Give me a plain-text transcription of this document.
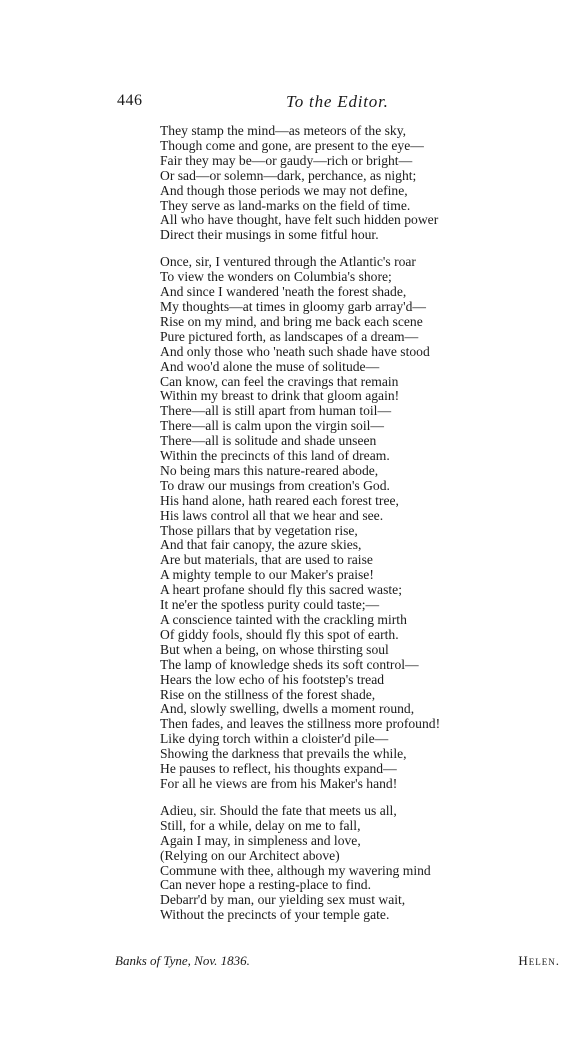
446	To the Editor.
They stamp the mind—as meteors of the sky,
Though come and gone, are present to the eye—
Fair they may be—or gaudy—rich or bright—
Or sad—or solemn—dark, perchance, as night;
And though those periods we may not define,
They serve as land-marks on the field of time.
All who have thought, have felt such hidden power
Direct their musings in some fitful hour.
Once, sir, I ventured through the Atlantic's roar
To view the wonders on Columbia's shore;
And since I wandered 'neath the forest shade,
My thoughts—at times in gloomy garb array'd—
Rise on my mind, and bring me back each scene
Pure pictured forth, as landscapes of a dream—
And only those who 'neath such shade have stood
And woo'd alone the muse of solitude—
Can know, can feel the cravings that remain
Within my breast to drink that gloom again!
There—all is still apart from human toil—
There—all is calm upon the virgin soil—
There—all is solitude and shade unseen
Within the precincts of this land of dream.
No being mars this nature-reared abode,
To draw our musings from creation's God.
His hand alone, hath reared each forest tree,
His laws control all that we hear and see.
Those pillars that by vegetation rise,
And that fair canopy, the azure skies,
Are but materials, that are used to raise
A mighty temple to our Maker's praise!
A heart profane should fly this sacred waste;
It ne'er the spotless purity could taste;—
A conscience tainted with the crackling mirth
Of giddy fools, should fly this spot of earth.
But when a being, on whose thirsting soul
The lamp of knowledge sheds its soft control—
Hears the low echo of his footstep's tread
Rise on the stillness of the forest shade,
And, slowly swelling, dwells a moment round,
Then fades, and leaves the stillness more profound!
Like dying torch within a cloister'd pile—
Showing the darkness that prevails the while,
He pauses to reflect, his thoughts expand—
For all he views are from his Maker's hand!
Adieu, sir. Should the fate that meets us all,
Still, for a while, delay on me to fall,
Again I may, in simpleness and love,
(Relying on our Architect above)
Commune with thee, although my wavering mind
Can never hope a resting-place to find.
Debarr'd by man, our yielding sex must wait,
Without the precincts of your temple gate.
Banks of Tyne, Nov. 1836.	Helen.
